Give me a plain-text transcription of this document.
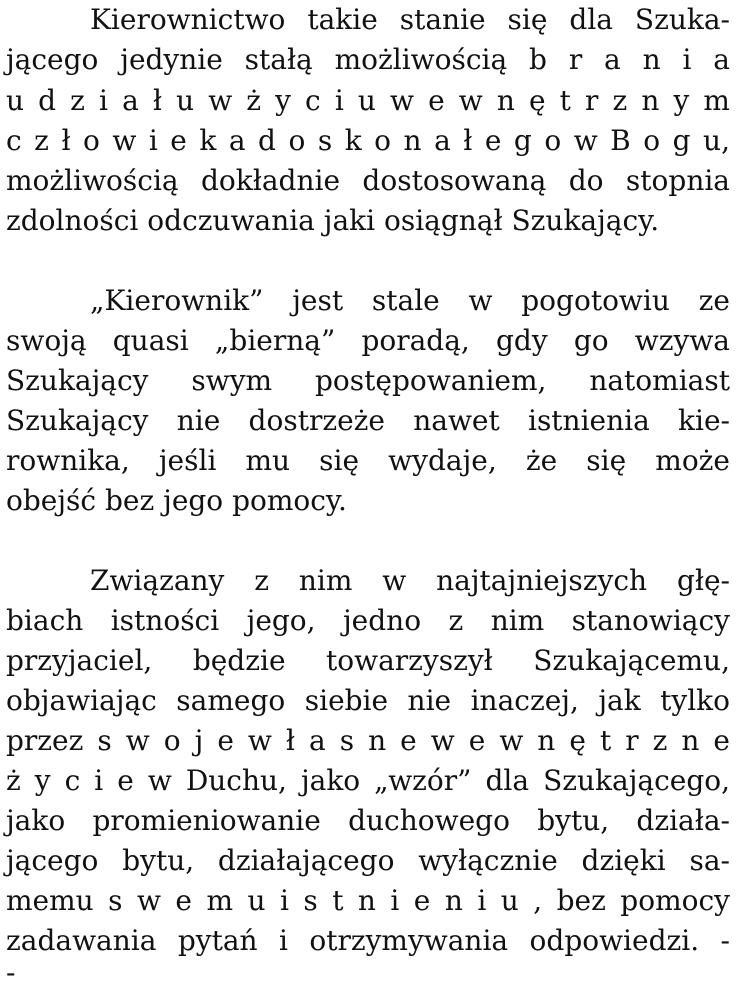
Kierownictwo takie stanie się dla Szuka-
jącego jedynie stałą możliwością b r a n i a
u d z i a ł u w ż y c i u w e w n ę t r z n y m
c z ł o w i e k a d o s k o n a ł e g o w B o g u,
możliwością dokładnie dostosowaną do stopnia
zdolności odczuwania jaki osiągnął Szukający.
„Kierownik” jest stale w pogotowiu ze
swoją quasi „bierną” poradą, gdy go wzywa
Szukający swym postępowaniem, natomiast
Szukający nie dostrzeże nawet istnienia kie-
rownika, jeśli mu się wydaje, że się może
obejść bez jego pomocy.
Związany z nim w najtajniejszych głę-
biach istności jego, jedno z nim stanowiący
przyjaciel, będzie towarzyszył Szukającemu,
objawiając samego siebie nie inaczej, jak tylko
przez s w o j e w ł a s n e w e w n ę t r z n e
ż y c i e w Duchu, jako „wzór” dla Szukającego,
jako promieniowanie duchowego bytu, działa-
jącego bytu, działającego wyłącznie dzięki sa-
memu s w e m u i s t n i e n i u , bez pomocy
zadawania pytań i otrzymywania odpowiedzi. -
-
